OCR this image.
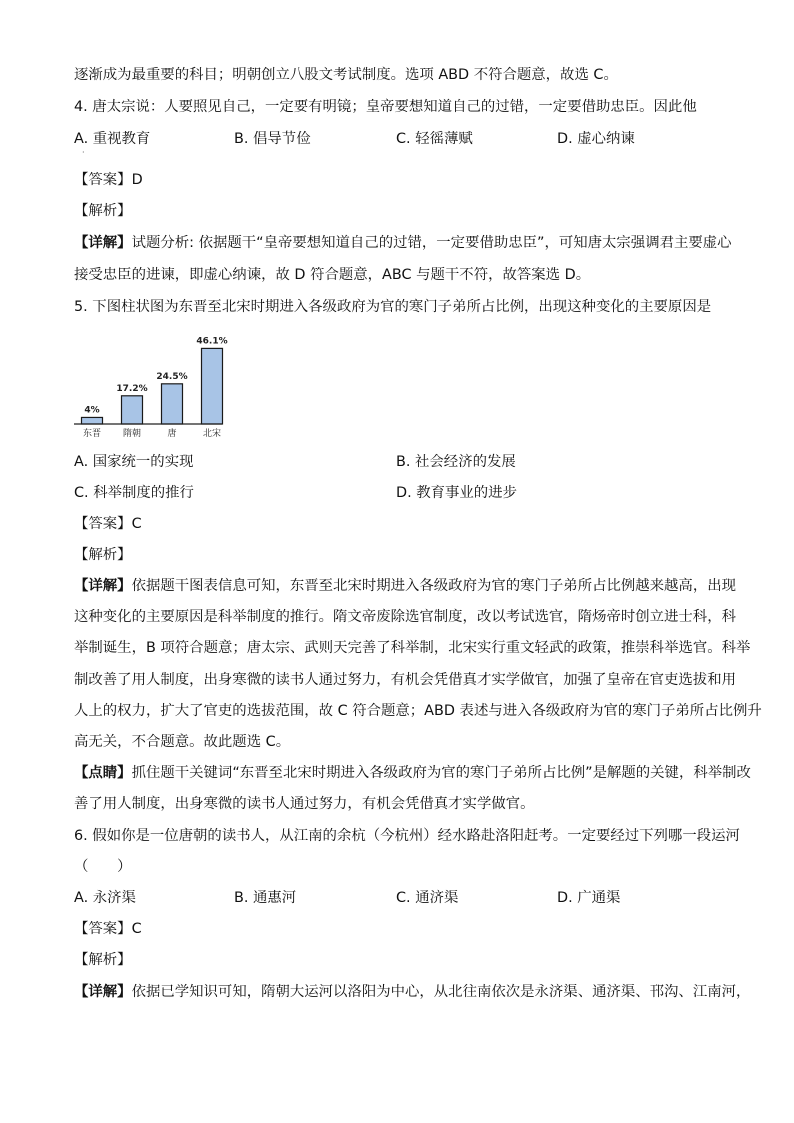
逐渐成为最重要的科目；明朝创立八股文考试制度。选项 ABD 不符合题意，故选 C。
4. 唐太宗说：人要照见自己，一定要有明镜；皇帝要想知道自己的过错，一定要借助忠臣。因此他
A. 重视教育	B. 倡导节俭	C. 轻徭薄赋	D. 虚心纳谏
·
【答案】D
【解析】
【详解】试题分析: 依据题干“皇帝要想知道自己的过错，一定要借助忠臣”，可知唐太宗强调君主要虚心
接受忠臣的进谏，即虚心纳谏，故 D 符合题意，ABC 与题干不符，故答案选 D。
5. 下图柱状图为东晋至北宋时期进入各级政府为官的寒门子弟所占比例，出现这种变化的主要原因是
4%
东晋
17.2%
隋朝
24.5%
唐
46.1%
北宋
A. 国家统一的实现	B. 社会经济的发展
C. 科举制度的推行	D. 教育事业的进步
【答案】C
【解析】
【详解】依据题干图表信息可知，东晋至北宋时期进入各级政府为官的寒门子弟所占比例越来越高，出现
这种变化的主要原因是科举制度的推行。隋文帝废除选官制度，改以考试选官，隋炀帝时创立进士科，科
举制诞生，B 项符合题意；唐太宗、武则天完善了科举制，北宋实行重文轻武的政策，推崇科举选官。科举
制改善了用人制度，出身寒微的读书人通过努力，有机会凭借真才实学做官，加强了皇帝在官吏选拔和用
人上的权力，扩大了官吏的选拔范围，故 C 符合题意；ABD 表述与进入各级政府为官的寒门子弟所占比例升
高无关，不合题意。故此题选 C。
【点睛】抓住题干关键词“东晋至北宋时期进入各级政府为官的寒门子弟所占比例”是解题的关键，科举制改
善了用人制度，出身寒微的读书人通过努力，有机会凭借真才实学做官。
6. 假如你是一位唐朝的读书人，从江南的余杭（今杭州）经水路赴洛阳赶考。一定要经过下列哪一段运河
（　　）
A. 永济渠	B. 通惠河	C. 通济渠	D. 广通渠
【答案】C
【解析】
【详解】依据已学知识可知，隋朝大运河以洛阳为中心，从北往南依次是永济渠、通济渠、邗沟、江南河，
